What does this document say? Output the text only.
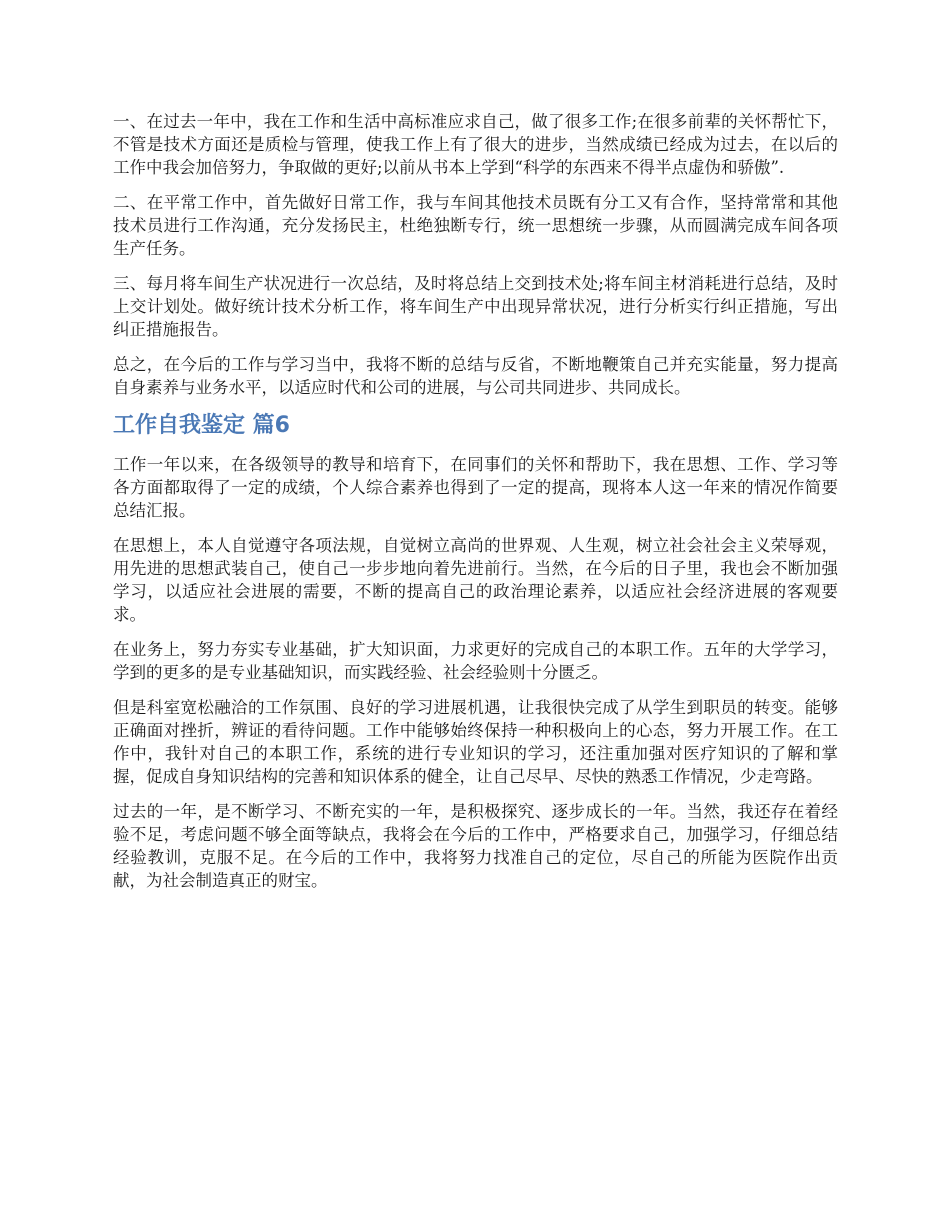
一、在过去一年中，我在工作和生活中高标准应求自己，做了很多工作;在很多前辈的关怀帮忙下，不管是技术方面还是质检与管理，使我工作上有了很大的进步，当然成绩已经成为过去，在以后的工作中我会加倍努力，争取做的更好;以前从书本上学到“科学的东西来不得半点虚伪和骄傲”.

二、在平常工作中，首先做好日常工作，我与车间其他技术员既有分工又有合作，坚持常常和其他技术员进行工作沟通，充分发扬民主，杜绝独断专行，统一思想统一步骤，从而圆满完成车间各项生产任务。

三、每月将车间生产状况进行一次总结，及时将总结上交到技术处;将车间主材消耗进行总结，及时上交计划处。做好统计技术分析工作，将车间生产中出现异常状况，进行分析实行纠正措施，写出纠正措施报告。

总之，在今后的工作与学习当中，我将不断的总结与反省，不断地鞭策自己并充实能量，努力提高自身素养与业务水平，以适应时代和公司的进展，与公司共同进步、共同成长。

工作自我鉴定 篇6

工作一年以来，在各级领导的教导和培育下，在同事们的关怀和帮助下，我在思想、工作、学习等各方面都取得了一定的成绩，个人综合素养也得到了一定的提高，现将本人这一年来的情况作简要总结汇报。

在思想上，本人自觉遵守各项法规，自觉树立高尚的世界观、人生观，树立社会社会主义荣辱观，用先进的思想武装自己，使自己一步步地向着先进前行。当然，在今后的日子里，我也会不断加强学习，以适应社会进展的需要，不断的提高自己的政治理论素养，以适应社会经济进展的客观要求。

在业务上，努力夯实专业基础，扩大知识面，力求更好的完成自己的本职工作。五年的大学学习，学到的更多的是专业基础知识，而实践经验、社会经验则十分匮乏。

但是科室宽松融洽的工作氛围、良好的学习进展机遇，让我很快完成了从学生到职员的转变。能够正确面对挫折，辨证的看待问题。工作中能够始终保持一种积极向上的心态，努力开展工作。在工作中，我针对自己的本职工作，系统的进行专业知识的学习，还注重加强对医疗知识的了解和掌握，促成自身知识结构的完善和知识体系的健全，让自己尽早、尽快的熟悉工作情况，少走弯路。

过去的一年，是不断学习、不断充实的一年，是积极探究、逐步成长的一年。当然，我还存在着经验不足，考虑问题不够全面等缺点，我将会在今后的工作中，严格要求自己，加强学习，仔细总结经验教训，克服不足。在今后的工作中，我将努力找准自己的定位，尽自己的所能为医院作出贡献，为社会制造真正的财宝。
